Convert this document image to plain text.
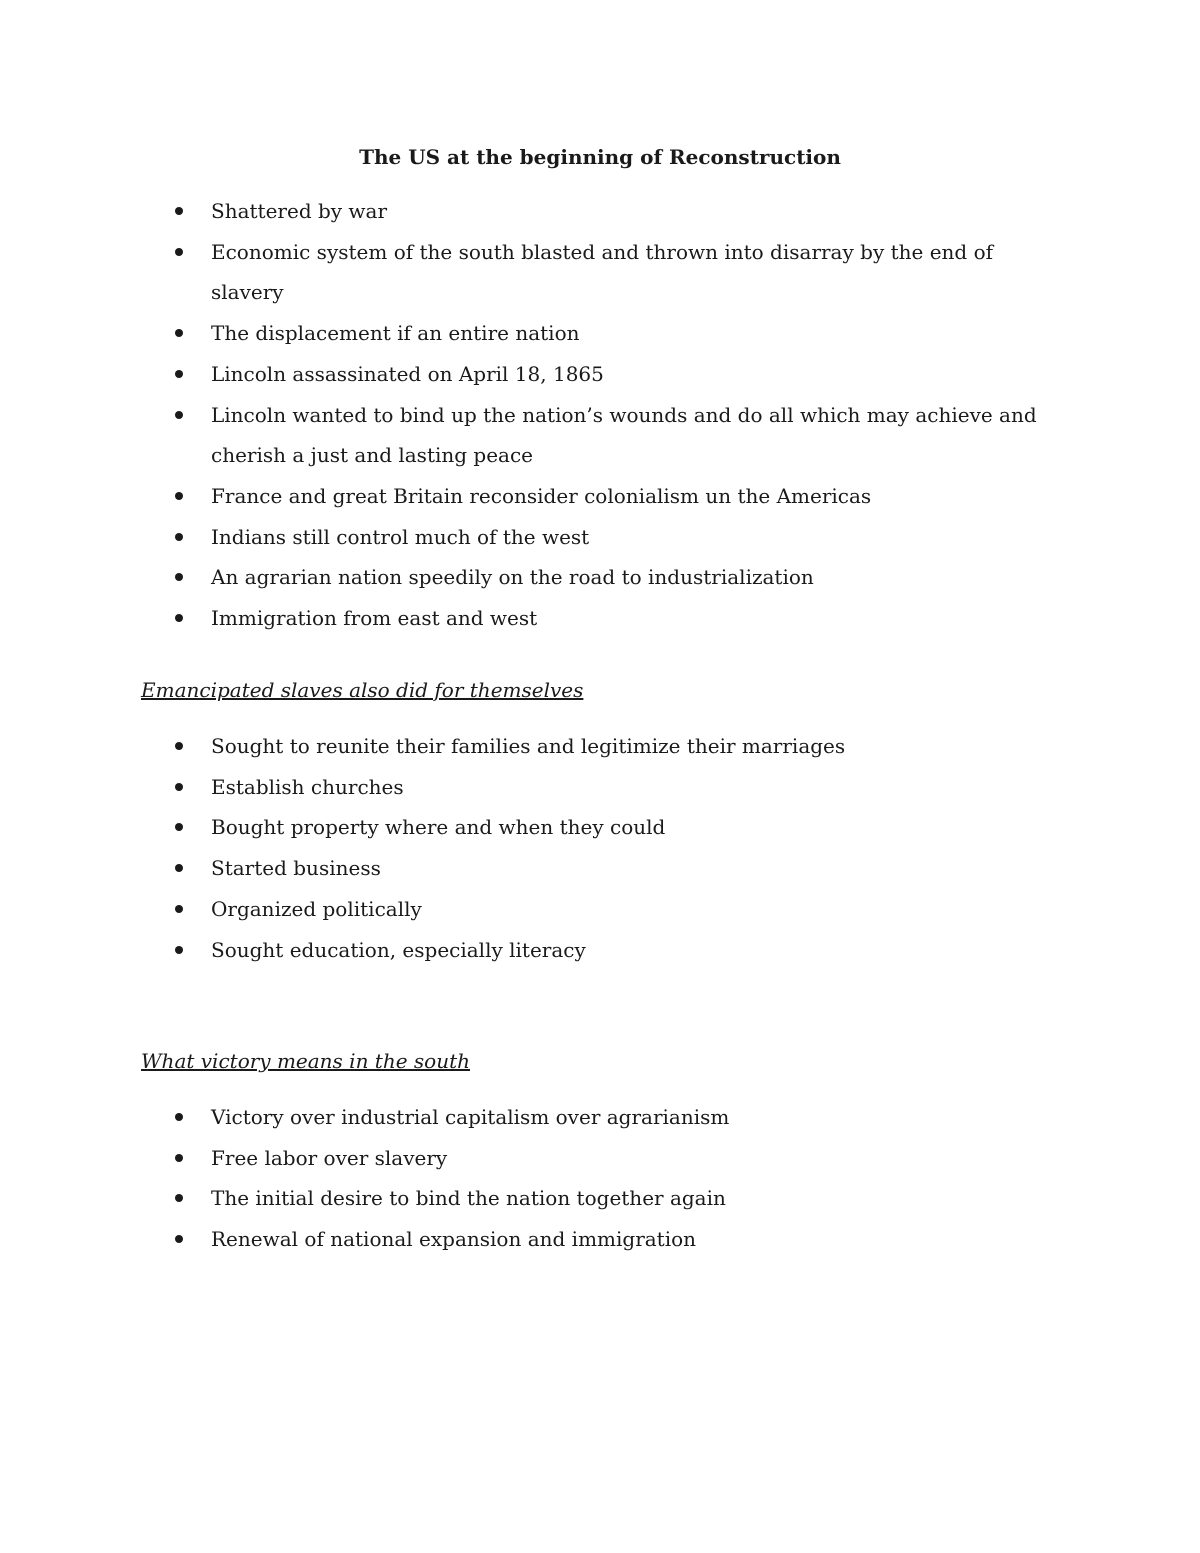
The US at the beginning of Reconstruction
Shattered by war
Economic system of the south blasted and thrown into disarray by the end of slavery
The displacement if an entire nation
Lincoln assassinated on April 18, 1865
Lincoln wanted to bind up the nation’s wounds and do all which may achieve and cherish a just and lasting peace
France and great Britain reconsider colonialism un the Americas
Indians still control much of the west
An agrarian nation speedily on the road to industrialization
Immigration from east and west

Emancipated slaves also did for themselves

Sought to reunite their families and legitimize their marriages
Establish churches
Bought property where and when they could
Started business
Organized politically
Sought education, especially literacy

What victory means in the south

Victory over industrial capitalism over agrarianism
Free labor over slavery
The initial desire to bind the nation together again
Renewal of national expansion and immigration
